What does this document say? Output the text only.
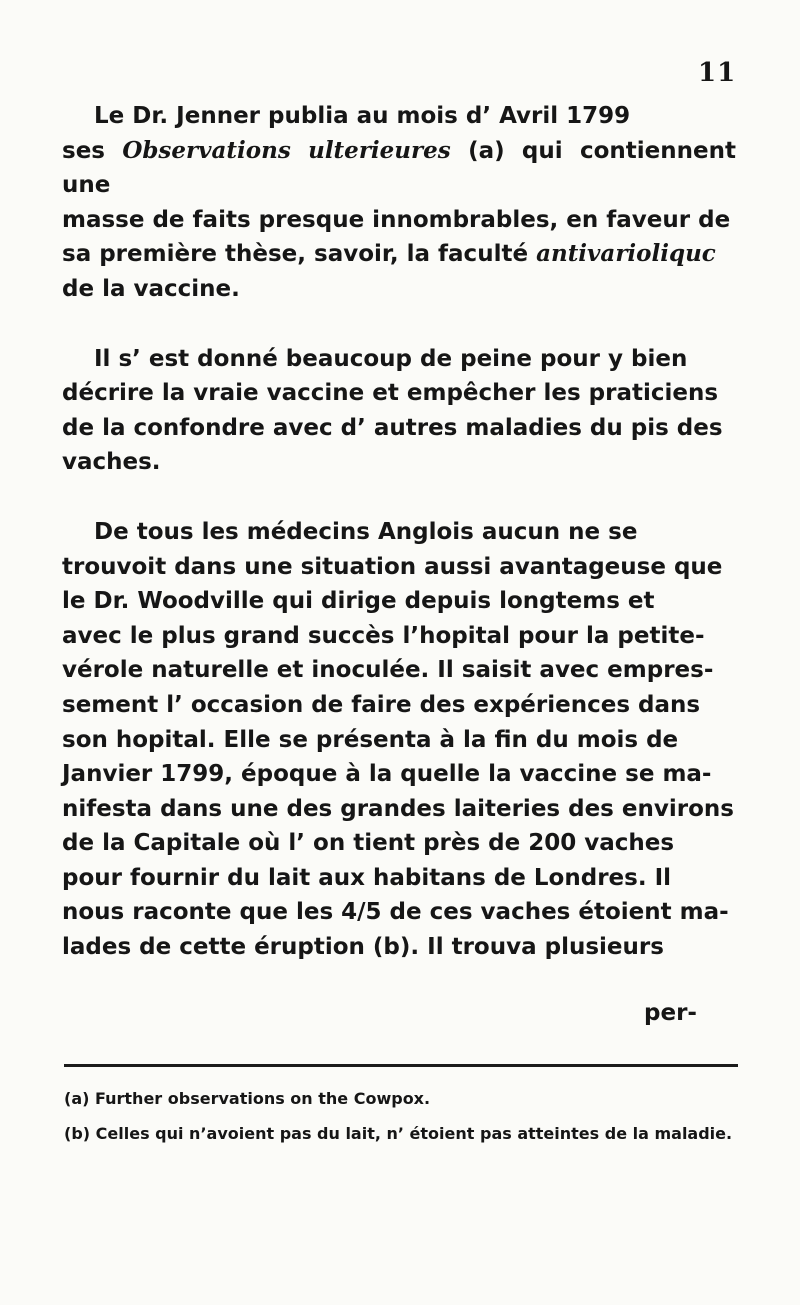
11
Le Dr. Jenner publia au mois d’ Avril 1799
ses Observations ulterieures (a) qui contiennent une
masse de faits presque innombrables, en faveur de
sa première thèse, savoir, la faculté antivarioliquc
de la vaccine.
Il s’ est donné beaucoup de peine pour y bien
décrire la vraie vaccine et empêcher les praticiens
de la confondre avec d’ autres maladies du pis des
vaches.
De tous les médecins Anglois aucun ne se
trouvoit dans une situation aussi avantageuse que
le Dr. Woodville qui dirige depuis longtems et
avec le plus grand succès l’hopital pour la petite-
vérole naturelle et inoculée. Il saisit avec empres-
sement l’ occasion de faire des expériences dans
son hopital. Elle se présenta à la fin du mois de
Janvier 1799, époque à la quelle la vaccine se ma-
nifesta dans une des grandes laiteries des environs
de la Capitale où l’ on tient près de 200 vaches
pour fournir du lait aux habitans de Londres. Il
nous raconte que les 4/5 de ces vaches étoient ma-
lades de cette éruption (b). Il trouva plusieurs
per-

(a) Further observations on the Cowpox.

(b) Celles qui n’avoient pas du lait, n’ étoient pas atteintes de la maladie.
